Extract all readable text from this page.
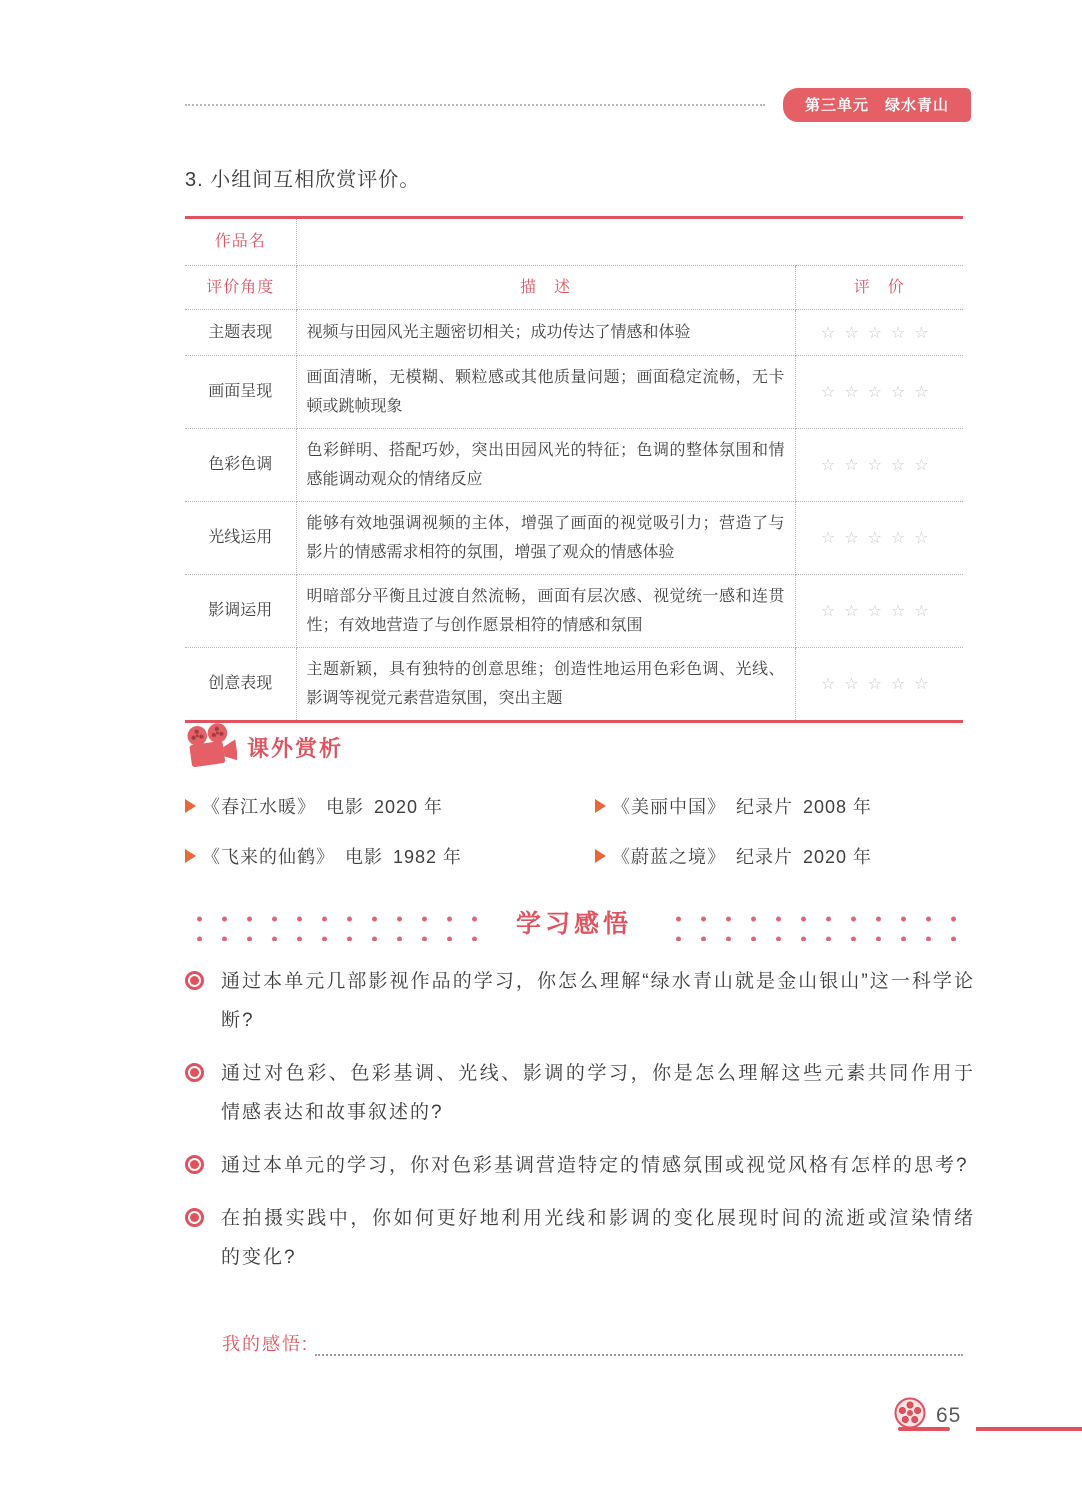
第三单元　绿水青山
3. 小组间互相欣赏评价。
作品名		
评价角度	描　述	评　价
主题表现	视频与田园风光主题密切相关；成功传达了情感和体验	☆☆☆☆☆
画面呈现	画面清晰，无模糊、颗粒感或其他质量问题；画面稳定流畅，无卡顿或跳帧现象	☆☆☆☆☆
色彩色调	色彩鲜明、搭配巧妙，突出田园风光的特征；色调的整体氛围和情感能调动观众的情绪反应	☆☆☆☆☆
光线运用	能够有效地强调视频的主体，增强了画面的视觉吸引力；营造了与影片的情感需求相符的氛围，增强了观众的情感体验	☆☆☆☆☆
影调运用	明暗部分平衡且过渡自然流畅，画面有层次感、视觉统一感和连贯性；有效地营造了与创作愿景相符的情感和氛围	☆☆☆☆☆
创意表现	主题新颖，具有独特的创意思维；创造性地运用色彩色调、光线、影调等视觉元素营造氛围，突出主题	☆☆☆☆☆
课外赏析
《春江水暖》 电影 2020 年	《美丽中国》 纪录片 2008 年
《飞来的仙鹤》 电影 1982 年	《蔚蓝之境》 纪录片 2020 年
学习感悟
通过本单元几部影视作品的学习，你怎么理解“绿水青山就是金山银山”这一科学论断?
通过对色彩、色彩基调、光线、影调的学习，你是怎么理解这些元素共同作用于情感表达和故事叙述的?
通过本单元的学习，你对色彩基调营造特定的情感氛围或视觉风格有怎样的思考?
在拍摄实践中，你如何更好地利用光线和影调的变化展现时间的流逝或渲染情绪的变化?
我的感悟:
65
